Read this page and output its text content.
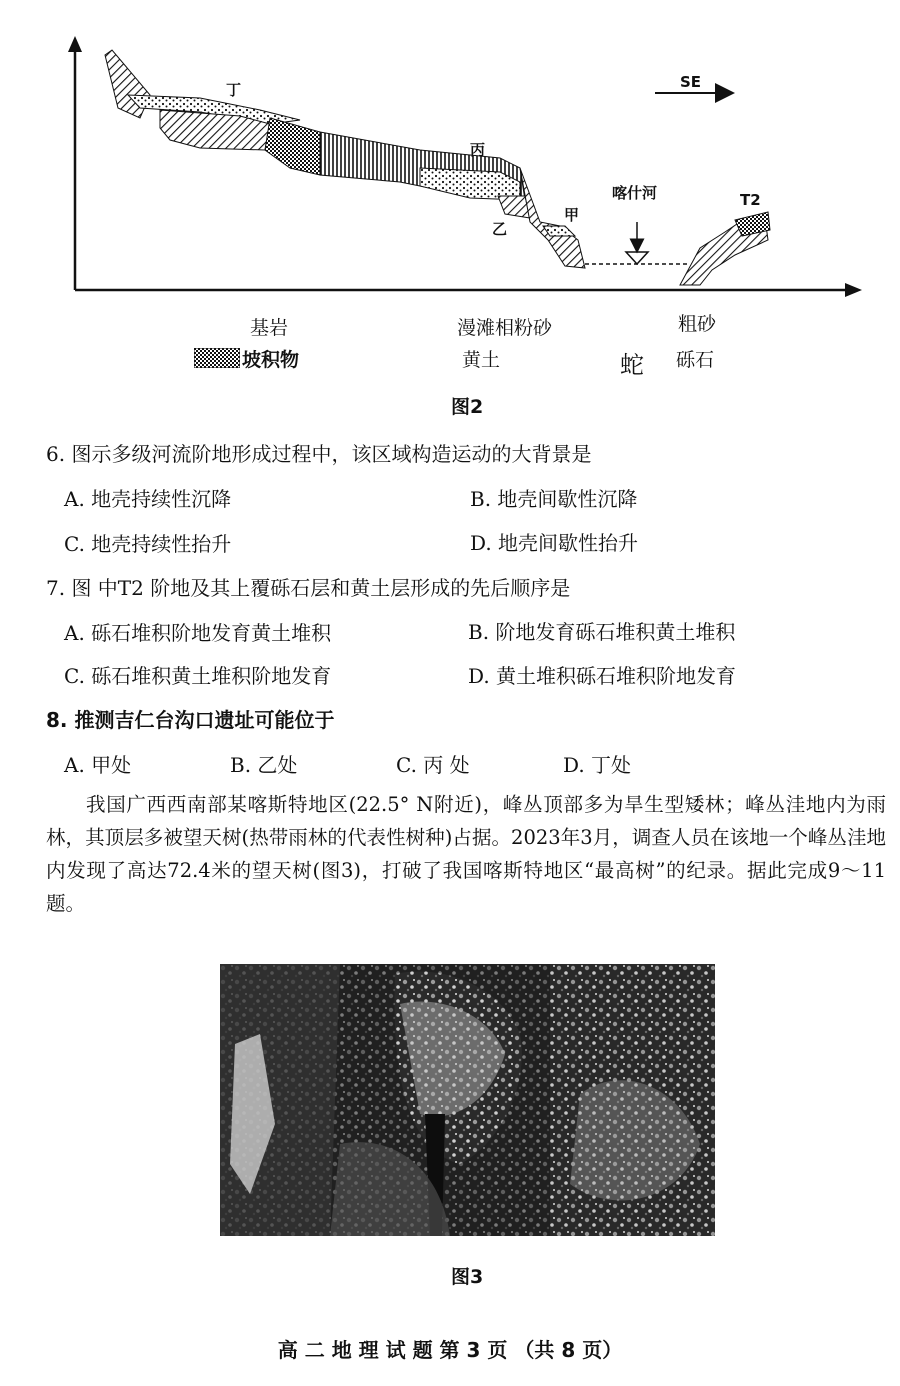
SE
丁
丙
乙
甲
喀什河	T2
基岩	漫滩相粉砂	粗砂
坡积物	黄土	蛇 砾石
图2
6. 图示多级河流阶地形成过程中，该区域构造运动的大背景是
A. 地壳持续性沉降	B. 地壳间歇性沉降
C. 地壳持续性抬升	D. 地壳间歇性抬升
7. 图 中T2 阶地及其上覆砾石层和黄土层形成的先后顺序是
A. 砾石堆积阶地发育黄土堆积	B. 阶地发育砾石堆积黄土堆积
C. 砾石堆积黄土堆积阶地发育	D. 黄土堆积砾石堆积阶地发育
8. 推测吉仁台沟口遗址可能位于
A. 甲处	B. 乙处	C. 丙 处	D. 丁处
我国广西西南部某喀斯特地区(22.5° N附近)，峰丛顶部多为旱生型矮林；峰丛洼地内为雨林，其顶层多被望天树(热带雨林的代表性树种)占据。2023年3月，调查人员在该地一个峰丛洼地内发现了高达72.4米的望天树(图3)，打破了我国喀斯特地区“最高树”的纪录。据此完成9～11题。
图3
高 二 地 理 试 题 第 3 页 （共 8 页）
